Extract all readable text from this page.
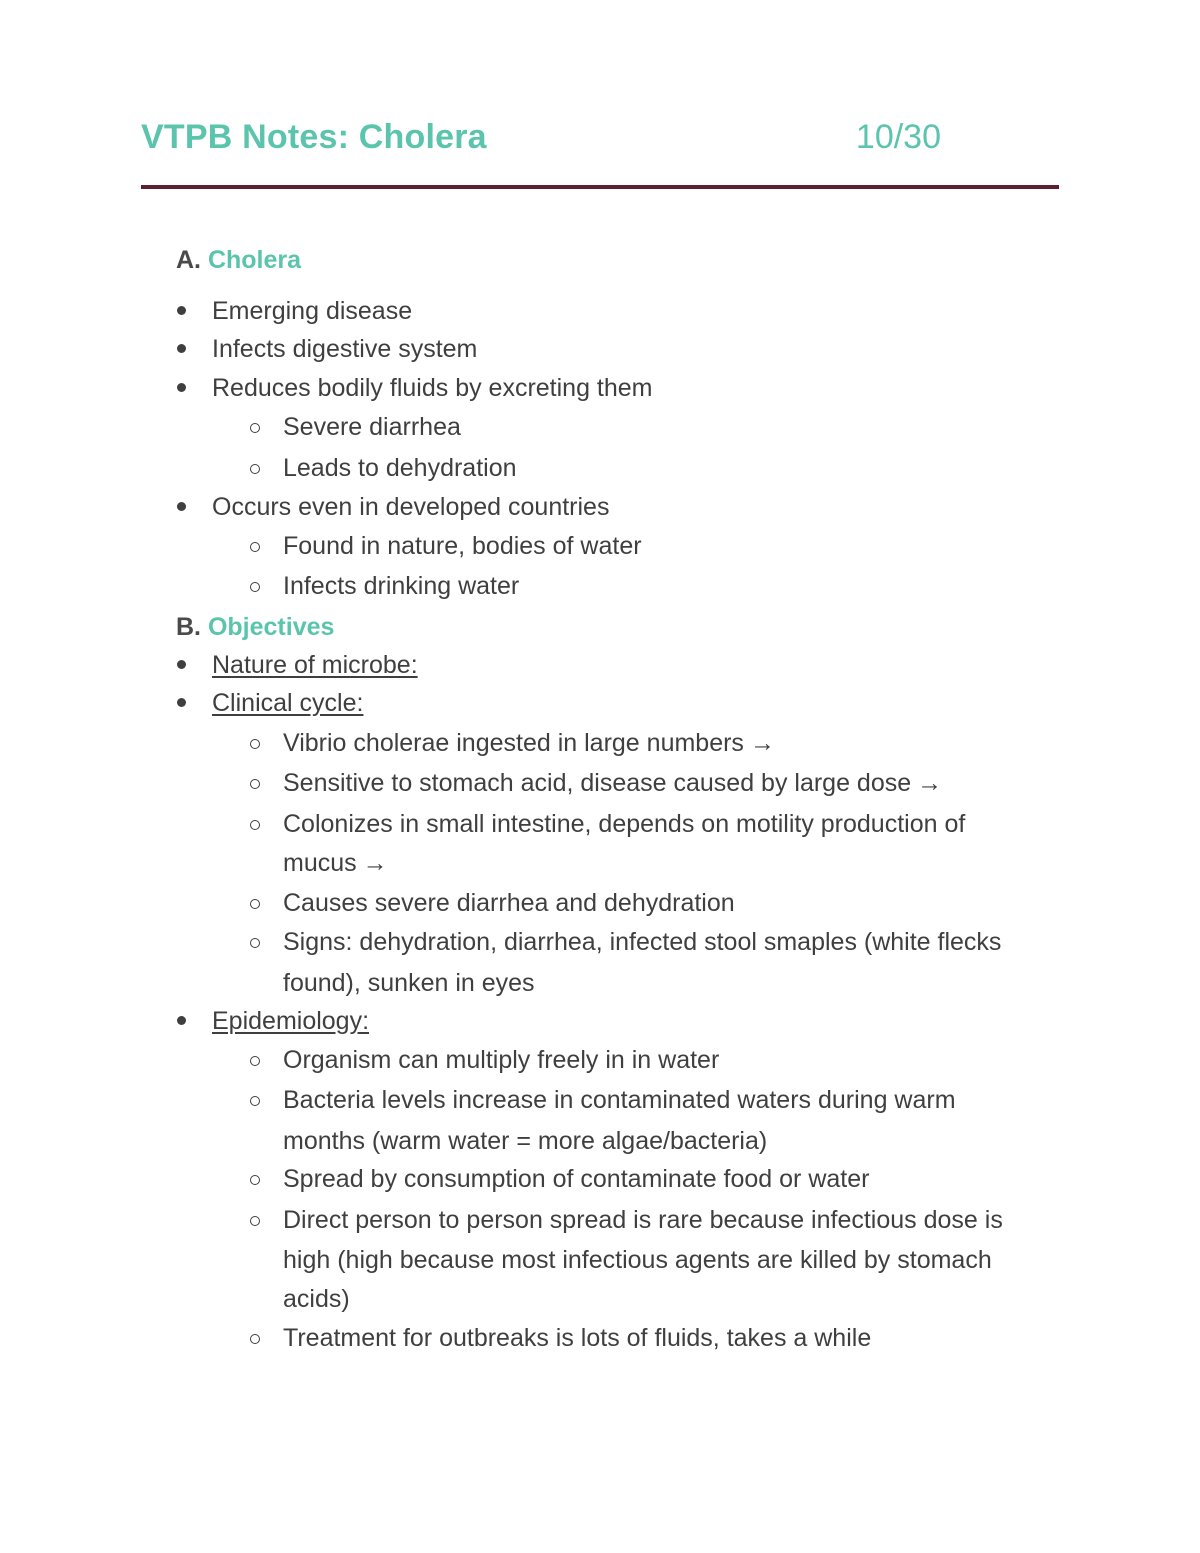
VTPB Notes: Cholera	10/30
A. Cholera
Emerging disease
Infects digestive system
Reduces bodily fluids by excreting them
Severe diarrhea
Leads to dehydration
Occurs even in developed countries
Found in nature, bodies of water
Infects drinking water
B. Objectives
Nature of microbe:
Clinical cycle:
Vibrio cholerae ingested in large numbers →
Sensitive to stomach acid, disease caused by large dose →
Colonizes in small intestine, depends on motility production of
mucus →
Causes severe diarrhea and dehydration
Signs: dehydration, diarrhea, infected stool smaples (white flecks
found), sunken in eyes
Epidemiology:
Organism can multiply freely in in water
Bacteria levels increase in contaminated waters during warm
months (warm water = more algae/bacteria)
Spread by consumption of contaminate food or water
Direct person to person spread is rare because infectious dose is
high (high because most infectious agents are killed by stomach
acids)
Treatment for outbreaks is lots of fluids, takes a while
